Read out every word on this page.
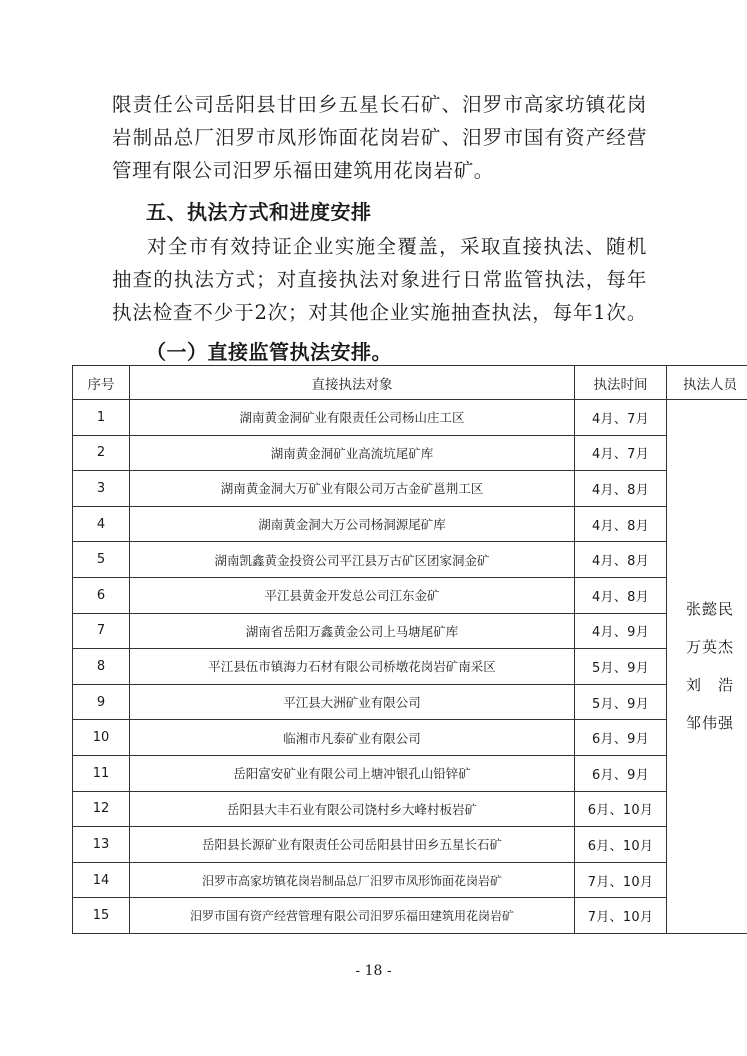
限责任公司岳阳县甘田乡五星长石矿、汨罗市高家坊镇花岗
岩制品总厂汨罗市凤形饰面花岗岩矿、汨罗市国有资产经营
管理有限公司汨罗乐福田建筑用花岗岩矿。
五、执法方式和进度安排
对全市有效持证企业实施全覆盖，采取直接执法、随机
抽查的执法方式；对直接执法对象进行日常监管执法，每年
执法检查不少于2次；对其他企业实施抽查执法，每年1次。
（一）直接监管执法安排。
序号	直接执法对象	执法时间	执法人员
1	湖南黄金洞矿业有限责任公司杨山庄工区	4月、7月	张懿民
万英杰
刘　浩
邹伟强

2	湖南黄金洞矿业高流坑尾矿库	4月、7月	
3	湖南黄金洞大万矿业有限公司万古金矿邕荆工区	4月、8月	
4	湖南黄金洞大万公司杨洞源尾矿库	4月、8月	
5	湖南凯鑫黄金投资公司平江县万古矿区团家洞金矿	4月、8月	
6	平江县黄金开发总公司江东金矿	4月、8月	
7	湖南省岳阳万鑫黄金公司上马塘尾矿库	4月、9月	
8	平江县伍市镇海力石材有限公司桥墩花岗岩矿南采区	5月、9月	
9	平江县大洲矿业有限公司	5月、9月	
10	临湘市凡泰矿业有限公司	6月、9月	
11	岳阳富安矿业有限公司上塘冲银孔山铅锌矿	6月、9月	
12	岳阳县大丰石业有限公司饶村乡大峰村板岩矿	6月、10月	
13	岳阳县长源矿业有限责任公司岳阳县甘田乡五星长石矿	6月、10月	
14	汨罗市高家坊镇花岗岩制品总厂汨罗市凤形饰面花岗岩矿	7月、10月	
15	汨罗市国有资产经营管理有限公司汨罗乐福田建筑用花岗岩矿	7月、10月	
- 18 -
